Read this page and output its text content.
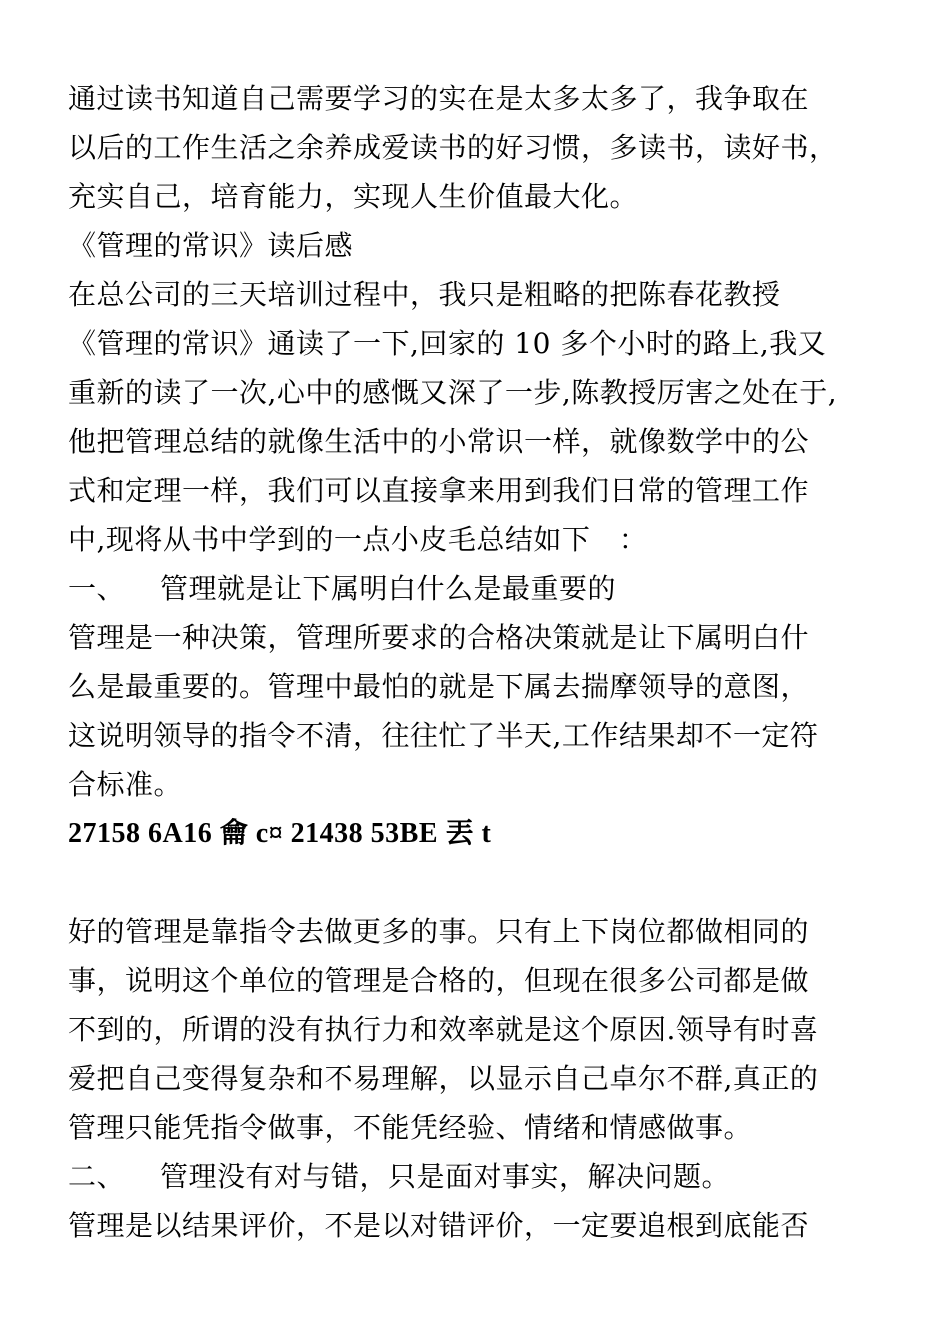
通过读书知道自己需要学习的实在是太多太多了，我争取在
以后的工作生活之余养成爱读书的好习惯，多读书，读好书，
充实自己，培育能力，实现人生价值最大化。
《管理的常识》读后感
在总公司的三天培训过程中，我只是粗略的把陈春花教授
《管理的常识》通读了一下,回家的 10 多个小时的路上,我又
重新的读了一次,心中的感慨又深了一步,陈教授厉害之处在于,
他把管理总结的就像生活中的小常识一样，就像数学中的公
式和定理一样，我们可以直接拿来用到我们日常的管理工作
中,现将从书中学到的一点小皮毛总结如下　：
一、 管理就是让下属明白什么是最重要的
管理是一种决策，管理所要求的合格决策就是让下属明白什
么是最重要的。管理中最怕的就是下属去揣摩领导的意图，
这说明领导的指令不清，往往忙了半天,工作结果却不一定符
合标准。
27158 6A16 龠 c¤ 21438 53BE 丟 t
好的管理是靠指令去做更多的事。只有上下岗位都做相同的
事，说明这个单位的管理是合格的，但现在很多公司都是做
不到的，所谓的没有执行力和效率就是这个原因.领导有时喜
爱把自己变得复杂和不易理解，以显示自己卓尔不群,真正的
管理只能凭指令做事，不能凭经验、情绪和情感做事。
二、 管理没有对与错，只是面对事实，解决问题。
管理是以结果评价，不是以对错评价，一定要追根到底能否
